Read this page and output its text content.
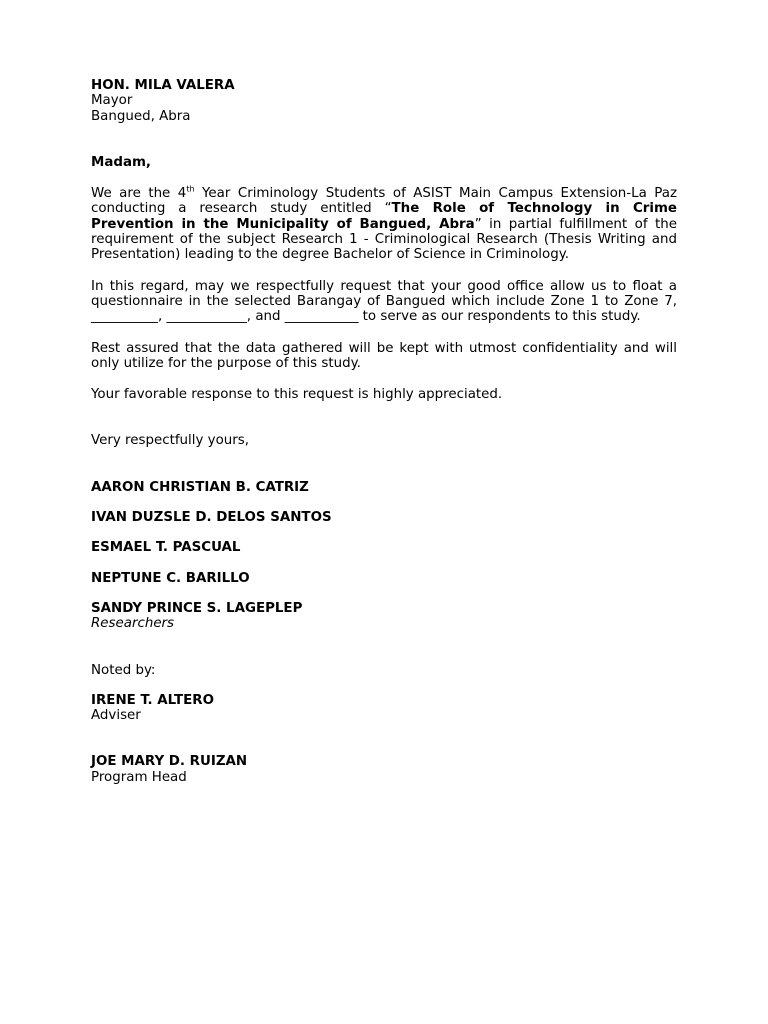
HON. MILA VALERA
Mayor
Bangued, Abra
Madam,

We are the 4th Year Criminology Students of ASIST Main Campus Extension-La Paz conducting a research study entitled “The Role of Technology in Crime Prevention in the Municipality of Bangued, Abra” in partial fulfillment of the requirement of the subject Research 1 - Criminological Research (Thesis Writing and Presentation) leading to the degree Bachelor of Science in Criminology.

In this regard, may we respectfully request that your good office allow us to float a questionnaire in the selected Barangay of Bangued which include Zone 1 to Zone 7, __________, ____________, and ___________ to serve as our respondents to this study.

Rest assured that the data gathered will be kept with utmost confidentiality and will only utilize for the purpose of this study.

Your favorable response to this request is highly appreciated.

Very respectfully yours,
AARON CHRISTIAN B. CATRIZ
IVAN DUZSLE D. DELOS SANTOS
ESMAEL T. PASCUAL
NEPTUNE C. BARILLO
SANDY PRINCE S. LAGEPLEP
Researchers
Noted by:
IRENE T. ALTERO
Adviser
JOE MARY D. RUIZAN
Program Head
